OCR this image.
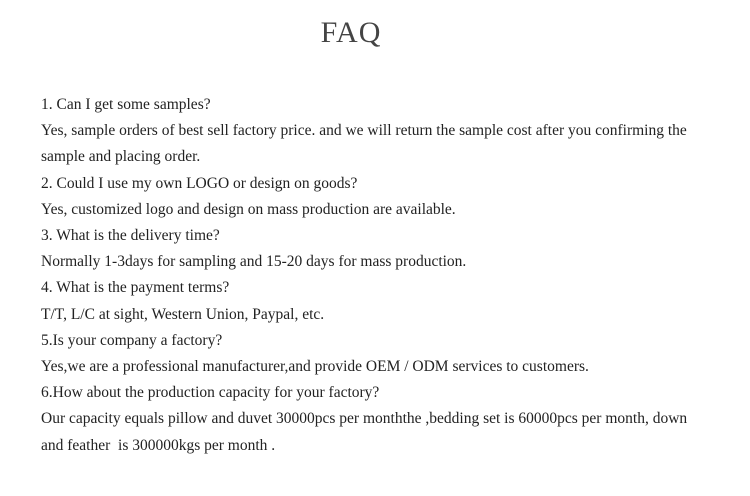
FAQ
1. Can I get some samples?
Yes, sample orders of best sell factory price. and we will return the sample cost after you confirming the sample and placing order.
2. Could I use my own LOGO or design on goods?
Yes, customized logo and design on mass production are available.
3. What is the delivery time?
Normally 1-3days for sampling and 15-20 days for mass production.
4. What is the payment terms?
T/T, L/C at sight, Western Union, Paypal, etc.
5.Is your company a factory?
Yes,we are a professional manufacturer,and provide OEM / ODM services to customers.
6.How about the production capacity for your factory?
Our capacity equals pillow and duvet 30000pcs per monththe ,bedding set is 60000pcs per month, down and feather  is 300000kgs per month .
